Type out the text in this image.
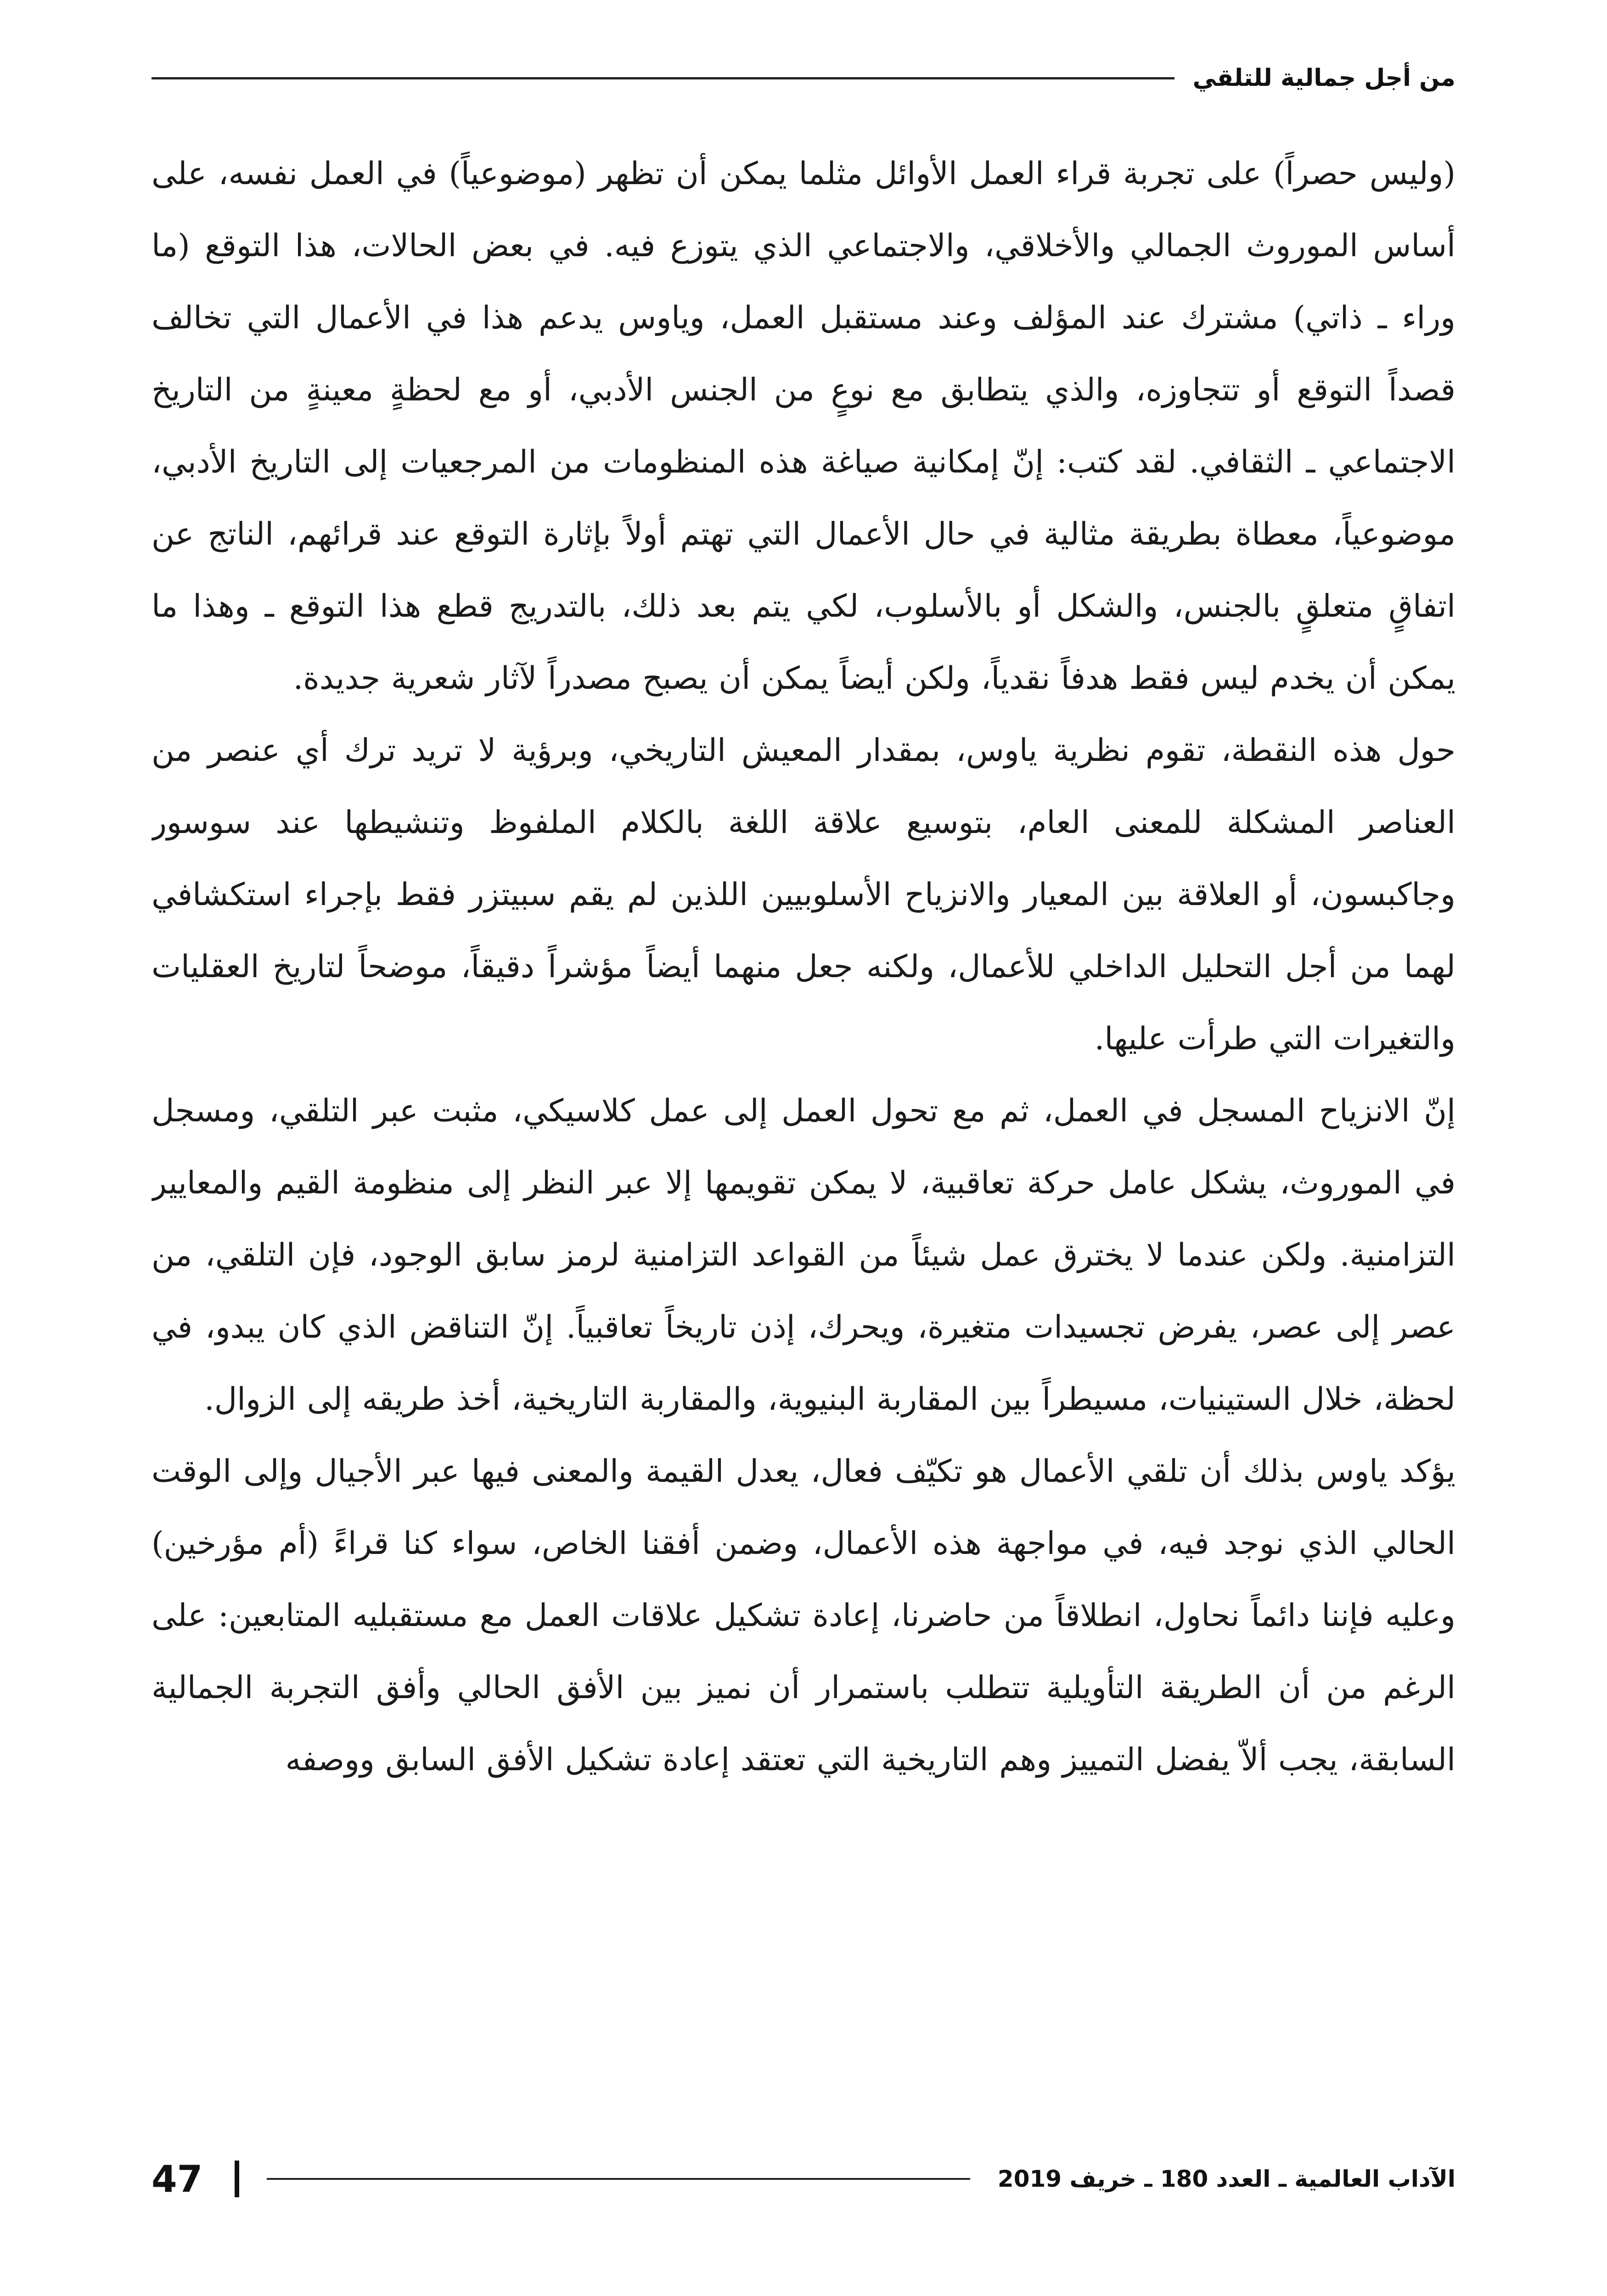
من أجل جمالية للتلقي

(وليس حصراً) على تجربة قراء العمل الأوائل مثلما يمكن أن تظهر (موضوعياً) في العمل نفسه، على أساس الموروث الجمالي والأخلاقي، والاجتماعي الذي يتوزع فيه. في بعض الحالات، هذا التوقع (ما وراء ـ ذاتي) مشترك عند المؤلف وعند مستقبل العمل، وياوس يدعم هذا في الأعمال التي تخالف قصداً التوقع أو تتجاوزه، والذي يتطابق مع نوعٍ من الجنس الأدبي، أو مع لحظةٍ معينةٍ من التاريخ الاجتماعي ـ الثقافي. لقد كتب: إنّ إمكانية صياغة هذه المنظومات من المرجعيات إلى التاريخ الأدبي، موضوعياً، معطاة بطريقة مثالية في حال الأعمال التي تهتم أولاً بإثارة التوقع عند قرائهم، الناتج عن اتفاقٍ متعلقٍ بالجنس، والشكل أو بالأسلوب، لكي يتم بعد ذلك، بالتدريج قطع هذا التوقع ـ وهذا ما يمكن أن يخدم ليس فقط هدفاً نقدياً، ولكن أيضاً يمكن أن يصبح مصدراً لآثار شعرية جديدة.

حول هذه النقطة، تقوم نظرية ياوس، بمقدار المعيش التاريخي، وبرؤية لا تريد ترك أي عنصر من العناصر المشكلة للمعنى العام، بتوسيع علاقة اللغة بالكلام الملفوظ وتنشيطها عند سوسور وجاكبسون، أو العلاقة بين المعيار والانزياح الأسلوبيين اللذين لم يقم سبيتزر فقط بإجراء استكشافي لهما من أجل التحليل الداخلي للأعمال، ولكنه جعل منهما أيضاً مؤشراً دقيقاً، موضحاً لتاريخ العقليات والتغيرات التي طرأت عليها.

إنّ الانزياح المسجل في العمل، ثم مع تحول العمل إلى عمل كلاسيكي، مثبت عبر التلقي، ومسجل في الموروث، يشكل عامل حركة تعاقبية، لا يمكن تقويمها إلا عبر النظر إلى منظومة القيم والمعايير التزامنية. ولكن عندما لا يخترق عمل شيئاً من القواعد التزامنية لرمز سابق الوجود، فإن التلقي، من عصر إلى عصر، يفرض تجسيدات متغيرة، ويحرك، إذن تاريخاً تعاقبياً. إنّ التناقض الذي كان يبدو، في لحظة، خلال الستينيات، مسيطراً بين المقاربة البنيوية، والمقاربة التاريخية، أخذ طريقه إلى الزوال.

يؤكد ياوس بذلك أن تلقي الأعمال هو تكيّف فعال، يعدل القيمة والمعنى فيها عبر الأجيال وإلى الوقت الحالي الذي نوجد فيه، في مواجهة هذه الأعمال، وضمن أفقنا الخاص، سواء كنا قراءً (أم مؤرخين) وعليه فإننا دائماً نحاول، انطلاقاً من حاضرنا، إعادة تشكيل علاقات العمل مع مستقبليه المتابعين: على الرغم من أن الطريقة التأويلية تتطلب باستمرار أن نميز بين الأفق الحالي وأفق التجربة الجمالية السابقة، يجب ألاّ يفضل التمييز وهم التاريخية التي تعتقد إعادة تشكيل الأفق السابق ووصفه

الآداب العالمية ـ العدد 180 ـ خريف 2019
47
